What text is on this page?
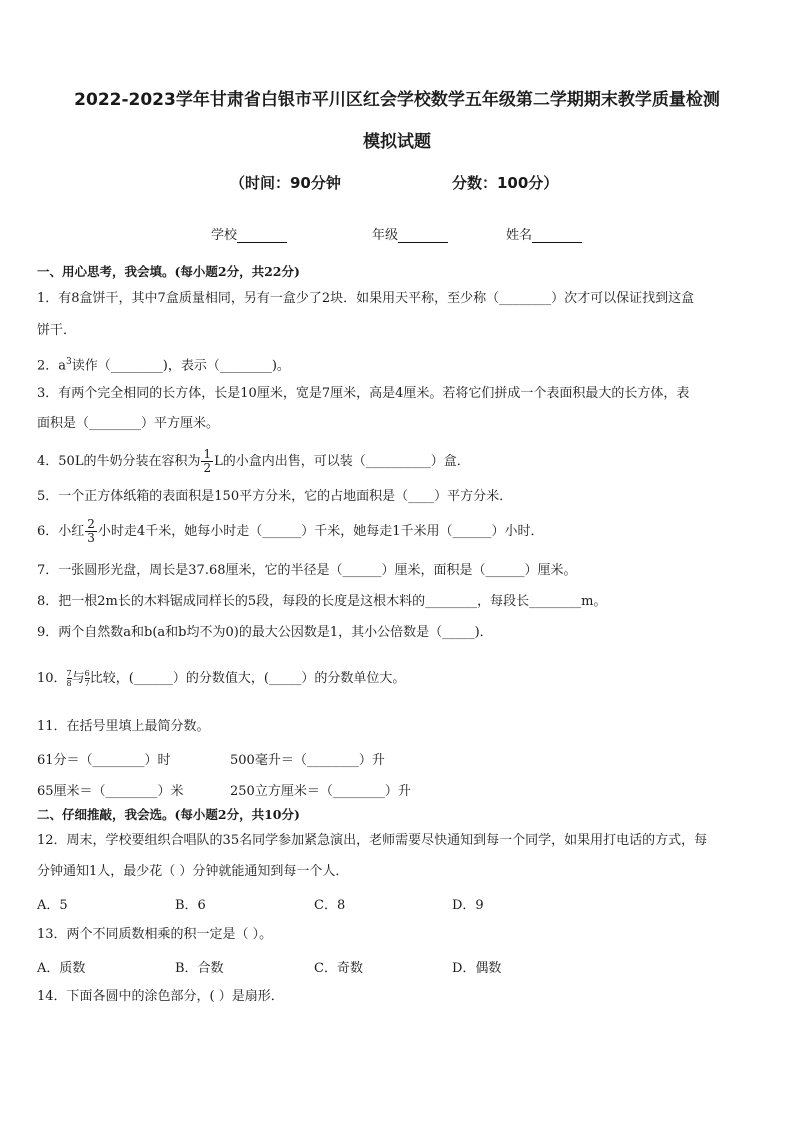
2022-2023学年甘肃省白银市平川区红会学校数学五年级第二学期期末教学质量检测
模拟试题
（时间：90分钟	分数：100分）
学校	年级	姓名
一、用心思考，我会填。(每小题2分，共22分)
1．有8盒饼干，其中7盒质量相同，另有一盒少了2块．如果用天平称，至少称（________）次才可以保证找到这盒
饼干．
2．$a^3$读作（________)，表示（________)。
3．有两个完全相同的长方体，长是10厘米，宽是7厘米，高是4厘米。若将它们拼成一个表面积最大的长方体，表
面积是（________）平方厘米。
4．50L的牛奶分装在容积为 $\frac{1}{2}$ L的小盒内出售，可以装（__________）盒．
5．一个正方体纸箱的表面积是150平方分米，它的占地面积是（____）平方分米．
6．小红 $\frac{2}{3}$ 小时走4千米，她每小时走（______）千米，她每走1千米用（______）小时．
7．一张圆形光盘，周长是37.68厘米，它的半径是（______）厘米，面积是（______）厘米。
8．把一根2m长的木料锯成同样长的5段，每段的长度是这根木料的________，每段长________m。
9．两个自然数a和b(a和b均不为0)的最大公因数是1，其小公倍数是（_____)．
10． $\frac{7}{8}$ 与 $\frac{6}{7}$ 比较，(______）的分数值大，(_____）的分数单位大。
11．在括号里填上最简分数。
61分＝（________）时	500毫升＝（________）升
65厘米＝（________）米	250立方厘米＝（________）升
二、仔细推敲，我会选。(每小题2分，共10分)
12．周末，学校要组织合唱队的35名同学参加紧急演出，老师需要尽快通知到每一个同学，如果用打电话的方式，每
分钟通知1人，最少花（ ）分钟就能通知到每一个人．
A．5	B．6	C．8	D．9
13．两个不同质数相乘的积一定是（ ）。
A．质数	B．合数	C．奇数	D．偶数
14．下面各圆中的涂色部分，( ）是扇形．
